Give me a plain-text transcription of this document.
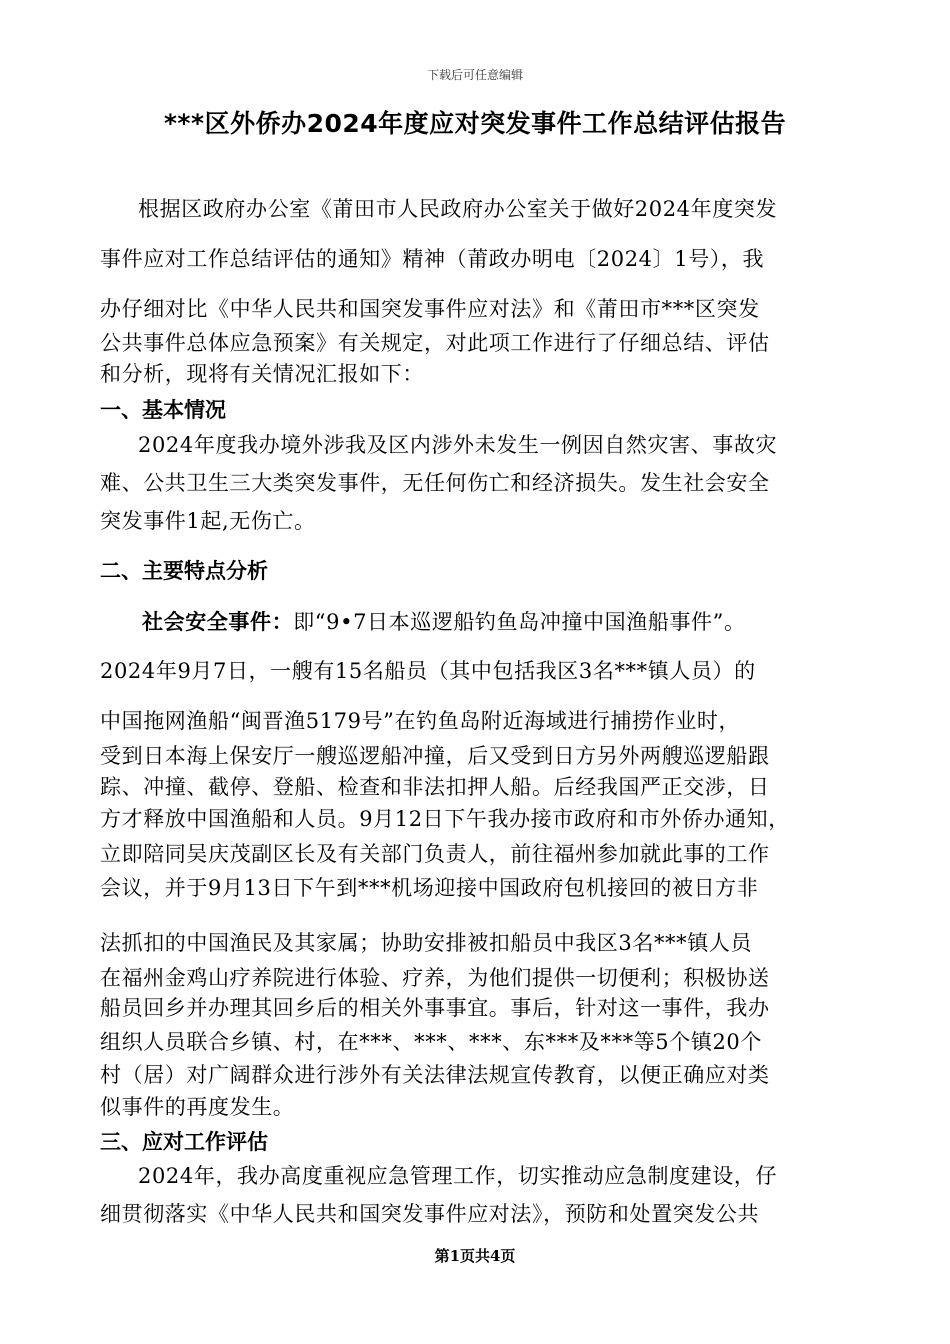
下载后可任意编辑
***区外侨办2024年度应对突发事件工作总结评估报告
根据区政府办公室《莆田市人民政府办公室关于做好2024年度突发
事件应对工作总结评估的通知》精神（莆政办明电〔2024〕1号），我
办仔细对比《中华人民共和国突发事件应对法》和《莆田市***区突发
公共事件总体应急预案》有关规定，对此项工作进行了仔细总结、评估
和分析，现将有关情况汇报如下：
一、基本情况
2024年度我办境外涉我及区内涉外未发生一例因自然灾害、事故灾
难、公共卫生三大类突发事件，无任何伤亡和经济损失。发生社会安全
突发事件1起,无伤亡。
二、主要特点分析
社会安全事件：即“9•7日本巡逻船钓鱼岛冲撞中国渔船事件”。
2024年9月7日，一艘有15名船员（其中包括我区3名***镇人员）的
中国拖网渔船“闽晋渔5179号”在钓鱼岛附近海域进行捕捞作业时，
受到日本海上保安厅一艘巡逻船冲撞，后又受到日方另外两艘巡逻船跟
踪、冲撞、截停、登船、检查和非法扣押人船。后经我国严正交涉，日
方才释放中国渔船和人员。9月12日下午我办接市政府和市外侨办通知，
立即陪同吴庆茂副区长及有关部门负责人，前往福州参加就此事的工作
会议，并于9月13日下午到***机场迎接中国政府包机接回的被日方非
法抓扣的中国渔民及其家属；协助安排被扣船员中我区3名***镇人员
在福州金鸡山疗养院进行体验、疗养，为他们提供一切便利；积极协送
船员回乡并办理其回乡后的相关外事事宜。事后，针对这一事件，我办
组织人员联合乡镇、村，在***、***、***、东***及***等5个镇20个
村（居）对广阔群众进行涉外有关法律法规宣传教育，以便正确应对类
似事件的再度发生。
三、应对工作评估
2024年，我办高度重视应急管理工作，切实推动应急制度建设，仔
细贯彻落实《中华人民共和国突发事件应对法》，预防和处置突发公共
第1页共4页
